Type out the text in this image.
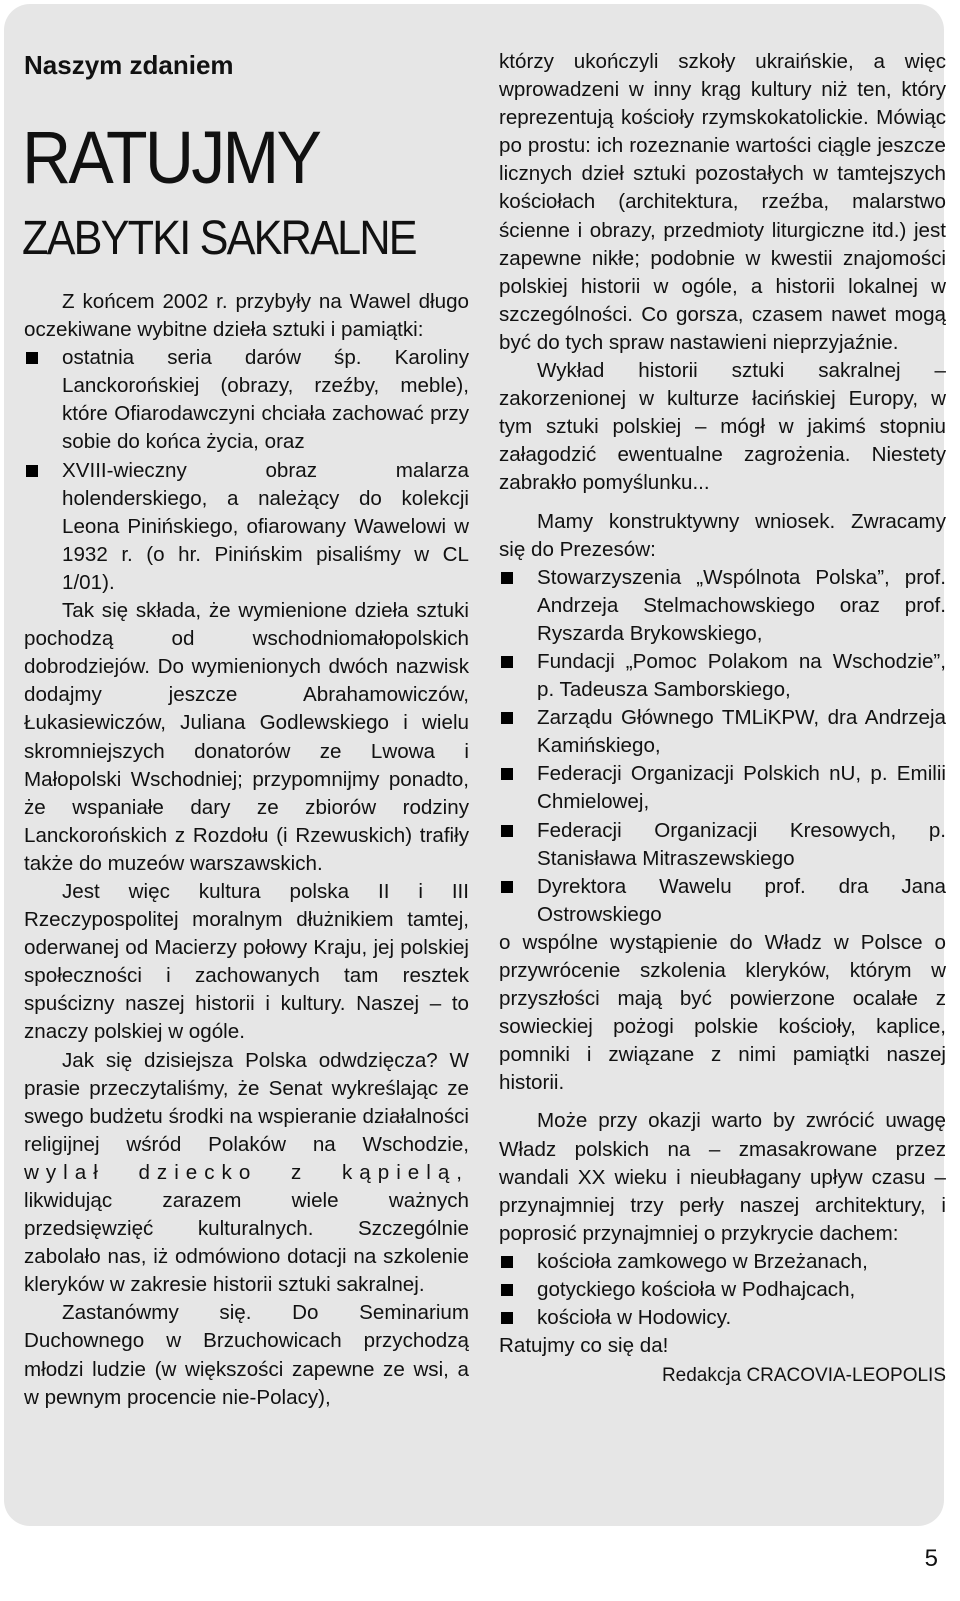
Naszym zdaniem
RATUJMY
ZABYTKI SAKRALNE

Z końcem 2002 r. przybyły na Wawel długo oczekiwane wybitne dzieła sztuki i pamiątki:

ostatnia seria darów śp. Karoliny Lanckorońskiej (obrazy, rzeźby, meble), które Ofiarodawczyni chciała zachować przy sobie do końca życia, oraz
XVIII-wieczny obraz malarza holenderskiego, a należący do kolekcji Leona Pinińskiego, ofiarowany Wawelowi w 1932 r. (o hr. Pinińskim pisaliśmy w CL 1/01).

Tak się składa, że wymienione dzieła sztuki pochodzą od wschodniomałopolskich dobrodziejów. Do wymienionych dwóch nazwisk dodajmy jeszcze Abrahamowiczów, Łukasiewiczów, Juliana Godlewskiego i wielu skromniejszych donatorów ze Lwowa i Małopolski Wschodniej; przypomnijmy ponadto, że wspaniałe dary ze zbiorów rodziny Lanckorońskich z Rozdołu (i Rzewuskich) trafiły także do muzeów warszawskich.

Jest więc kultura polska II i III Rzeczypospolitej moralnym dłużnikiem tamtej, oderwanej od Macierzy połowy Kraju, jej polskiej społeczności i zachowanych tam resztek spuścizny naszej historii i kultury. Naszej – to znaczy polskiej w ogóle.

Jak się dzisiejsza Polska odwdzięcza? W prasie przeczytaliśmy, że Senat wykreślając ze swego budżetu środki na wspieranie działalności religijnej wśród Polaków na Wschodzie, wylał dziecko z kąpielą, likwidując zarazem wiele ważnych przedsięwzięć kulturalnych. Szczególnie zabolało nas, iż odmówiono dotacji na szkolenie kleryków w zakresie historii sztuki sakralnej.

Zastanówmy się. Do Seminarium Duchownego w Brzuchowicach przychodzą młodzi ludzie (w większości zapewne ze wsi, a w pewnym procencie nie-Polacy),

którzy ukończyli szkoły ukraińskie, a więc wprowadzeni w inny krąg kultury niż ten, który reprezentują kościoły rzymskokatolickie. Mówiąc po prostu: ich rozeznanie wartości ciągle jeszcze licznych dzieł sztuki pozostałych w tamtejszych kościołach (architektura, rzeźba, malarstwo ścienne i obrazy, przedmioty liturgiczne itd.) jest zapewne nikłe; podobnie w kwestii znajomości polskiej historii w ogóle, a historii lokalnej w szczególności. Co gorsza, czasem nawet mogą być do tych spraw nastawieni nieprzyjaźnie.

Wykład historii sztuki sakralnej – zakorzenionej w kulturze łacińskiej Europy, w tym sztuki polskiej – mógł w jakimś stopniu załagodzić ewentualne zagrożenia. Niestety zabrakło pomyślunku...

Mamy konstruktywny wniosek. Zwracamy się do Prezesów:

Stowarzyszenia „Wspólnota Polska”, prof. Andrzeja Stelmachowskiego oraz prof. Ryszarda Brykowskiego,
Fundacji „Pomoc Polakom na Wschodzie”, p. Tadeusza Samborskiego,
Zarządu Głównego TMLiKPW, dra Andrzeja Kamińskiego,
Federacji Organizacji Polskich nU, p. Emilii Chmielowej,
Federacji Organizacji Kresowych, p. Stanisława Mitraszewskiego
Dyrektora Wawelu prof. dra Jana Ostrowskiego

o wspólne wystąpienie do Władz w Polsce o przywrócenie szkolenia kleryków, którym w przyszłości mają być powierzone ocalałe z sowieckiej pożogi polskie kościoły, kaplice, pomniki i związane z nimi pamiątki naszej historii.

Może przy okazji warto by zwrócić uwagę Władz polskich na – zmasakrowane przez wandali XX wieku i nieubłagany upływ czasu – przynajmniej trzy perły naszej architektury, i poprosić przynajmniej o przykrycie dachem:

kościoła zamkowego w Brzeżanach,
gotyckiego kościoła w Podhajcach,
kościoła w Hodowicy.

Ratujmy co się da!

Redakcja CRACOVIA-LEOPOLIS
5
